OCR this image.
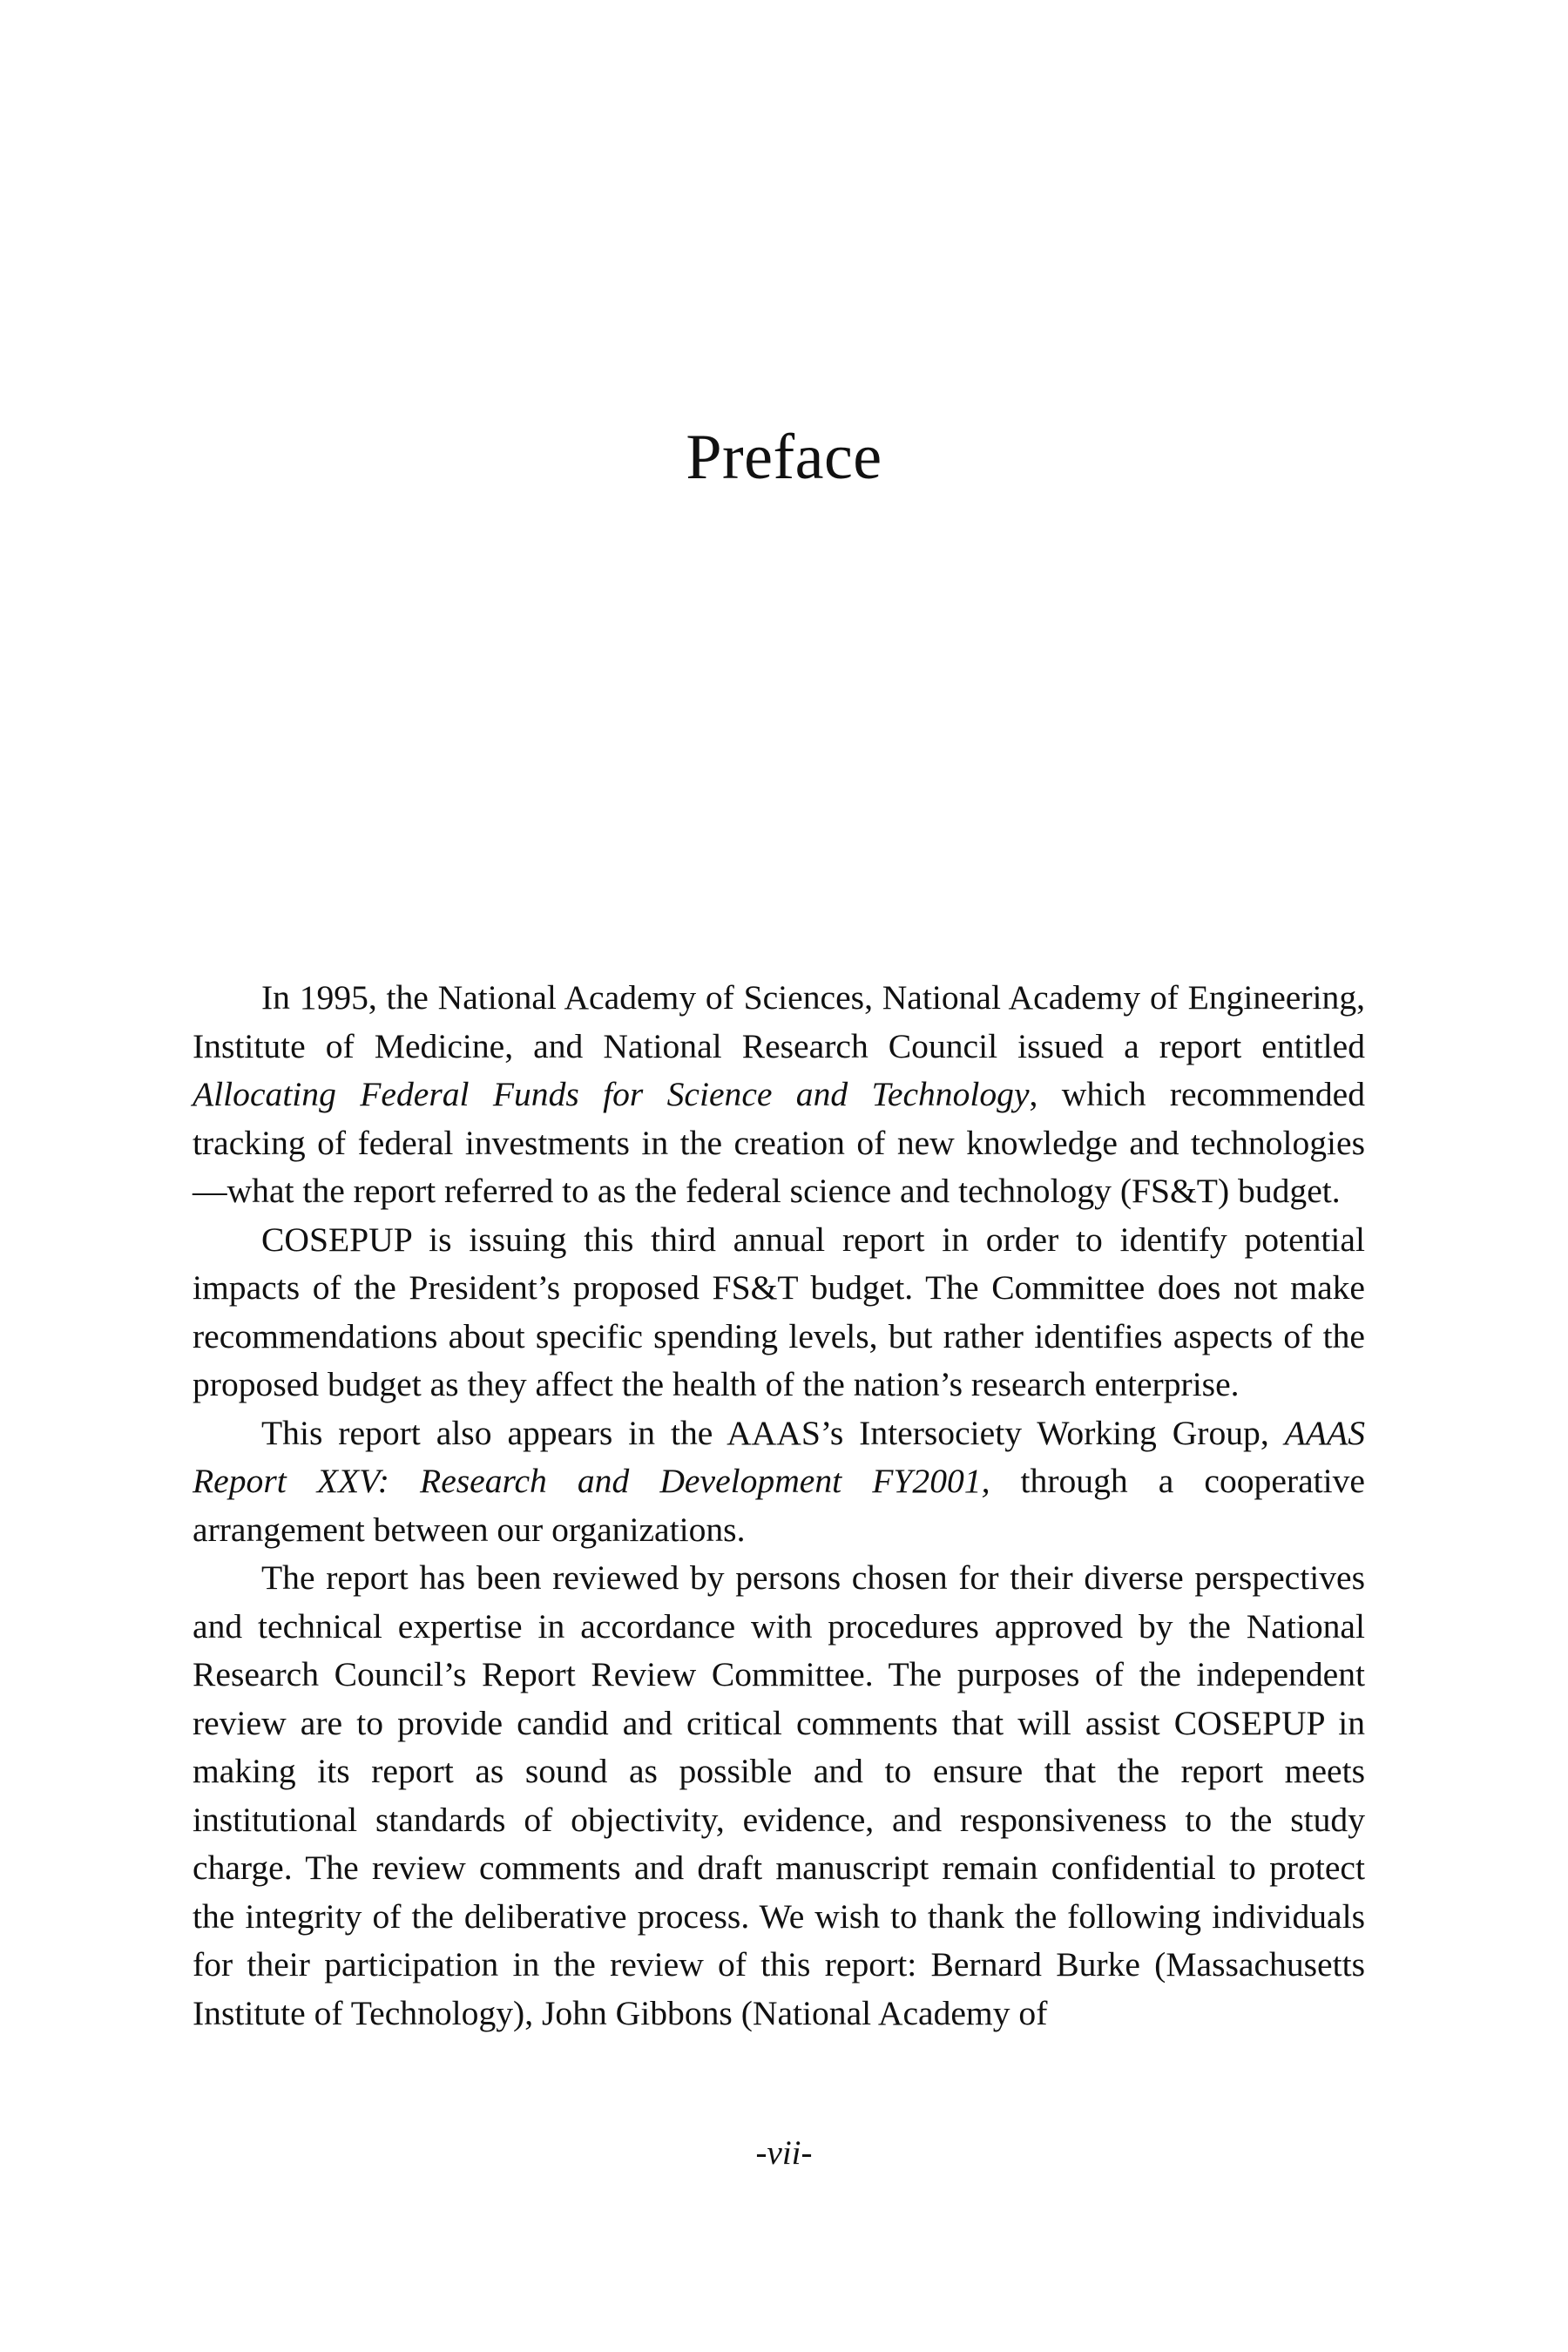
Preface

In 1995, the National Academy of Sciences, National Academy of Engineering, Institute of Medicine, and National Research Council issued a report entitled Allocating Federal Funds for Science and Technology, which recommended tracking of federal investments in the creation of new knowledge and technologies—what the report referred to as the federal science and technology (FS&T) budget.

COSEPUP is issuing this third annual report in order to identify potential impacts of the President’s proposed FS&T budget. The Committee does not make recommendations about specific spending levels, but rather identifies aspects of the proposed budget as they affect the health of the nation’s research enterprise.

This report also appears in the AAAS’s Intersociety Working Group, AAAS Report XXV: Research and Development FY2001, through a cooperative arrangement between our organizations.

The report has been reviewed by persons chosen for their diverse perspectives and technical expertise in accordance with procedures approved by the National Research Council’s Report Review Committee. The purposes of the independent review are to provide candid and critical comments that will assist COSEPUP in making its report as sound as possible and to ensure that the report meets institutional standards of objectivity, evidence, and responsiveness to the study charge. The review comments and draft manuscript remain confidential to protect the integrity of the deliberative process. We wish to thank the following individuals for their participation in the review of this report: Bernard Burke (Massachusetts Institute of Technology), John Gibbons (National Academy of

-vii-
